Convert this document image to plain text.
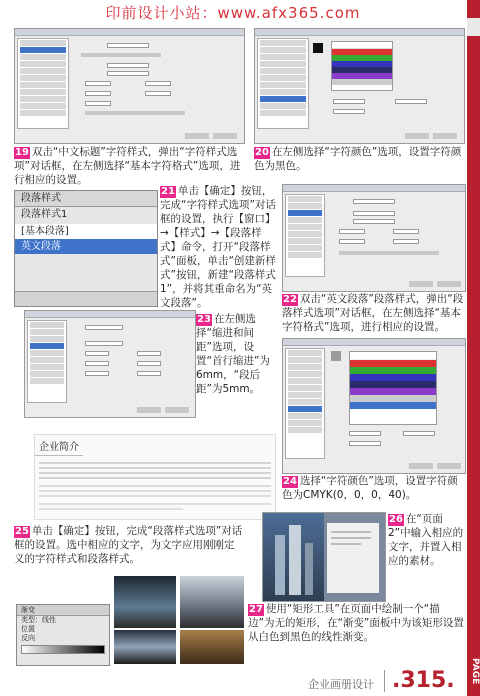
印前设计小站：www.afx365.com
PAGE
19 双击“中文标题”字符样式，弹出“字符样式选项”对话框，在左侧选择“基本字符格式”选项，进行相应的设置。
20 在左侧选择“字符颜色”选项，设置字符颜色为黑色。
段落样式
段落样式1
[基本段落]
英文段落
21 单击【确定】按钮，完成“字符样式选项”对话框的设置，执行【窗口】→【样式】→【段落样式】命令，打开“段落样式”面板，单击“创建新样式”按钮，新建“段落样式1”，并将其重命名为“英文段落”。	22 双击“英文段落”段落样式，弹出“段落样式选项”对话框，在左侧选择“基本字符格式”选项，进行相应的设置。
23 在左侧选择“缩进和间距”选项，设置“首行缩进”为6mm，“段后距”为5mm。
企业简介
24 选择“字符颜色”选项，设置字符颜色为CMYK(0，0，0，40)。
25 单击【确定】按钮，完成“段落样式选项”对话框的设置。选中相应的文字，为文字应用刚刚定义的字符样式和段落样式。
26 在“页面2”中输入相应的文字，并置入相应的素材。
渐变
类型：线性
位置
反向
27 使用“矩形工具”在页面中绘制一个“描边”为无的矩形，在“渐变”面板中为该矩形设置从白色到黑色的线性渐变。
企业画册设计 .315.
